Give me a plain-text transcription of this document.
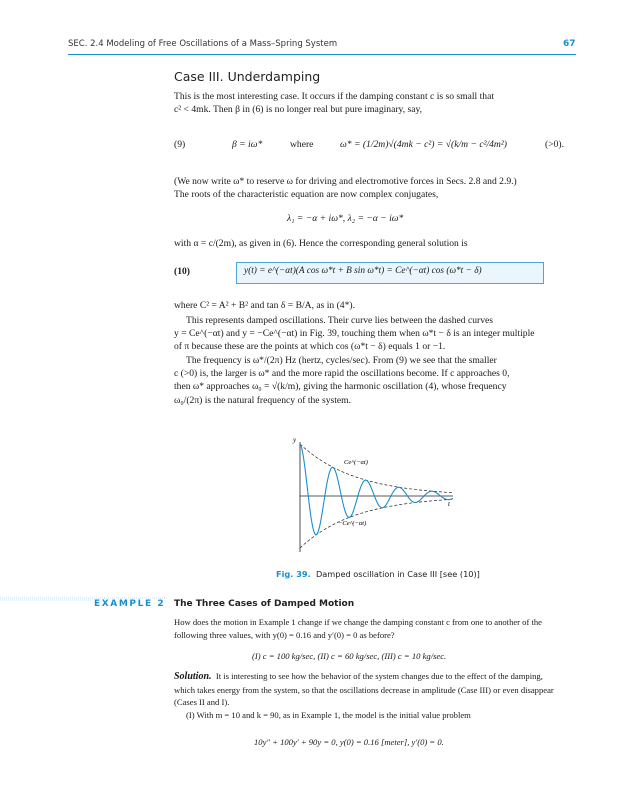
SEC. 2.4 Modeling of Free Oscillations of a Mass–Spring System	67
Case III. Underdamping
This is the most interesting case. It occurs if the damping constant c is so small that
c² < 4mk. Then β in (6) is no longer real but pure imaginary, say,
(9)	β = iω*	where	ω* = (1/2m)√(4mk − c²) = √(k/m − c²/4m²)	(>0).
(We now write ω* to reserve ω for driving and electromotive forces in Secs. 2.8 and 2.9.)
The roots of the characteristic equation are now complex conjugates,
λ₁ = −α + iω*, λ₂ = −α − iω*
with α = c/(2m), as given in (6). Hence the corresponding general solution is
(10)	y(t) = e^(−αt)(A cos ω*t + B sin ω*t) = Ce^(−αt) cos (ω*t − δ)
where C² = A² + B² and tan δ = B/A, as in (4*).
This represents damped oscillations. Their curve lies between the dashed curves
y = Ce^(−αt) and y = −Ce^(−αt) in Fig. 39, touching them when ω*t − δ is an integer multiple
of π because these are the points at which cos (ω*t − δ) equals 1 or −1.
The frequency is ω*/(2π) Hz (hertz, cycles/sec). From (9) we see that the smaller
c (>0) is, the larger is ω* and the more rapid the oscillations become. If c approaches 0,
then ω* approaches ω₀ = √(k/m), giving the harmonic oscillation (4), whose frequency
ω₀/(2π) is the natural frequency of the system.
y
t
Ce^(−αt)
−Ce^(−αt)
Fig. 39. Damped oscillation in Case III [see (10)]
EXAMPLE 2 The Three Cases of Damped Motion
How does the motion in Example 1 change if we change the damping constant c from one to another of the
following three values, with y(0) = 0.16 and y′(0) = 0 as before?
(I) c = 100 kg/sec, (II) c = 60 kg/sec, (III) c = 10 kg/sec.
Solution. It is interesting to see how the behavior of the system changes due to the effect of the damping,
which takes energy from the system, so that the oscillations decrease in amplitude (Case III) or even disappear
(Cases II and I).
(I) With m = 10 and k = 90, as in Example 1, the model is the initial value problem
10y″ + 100y′ + 90y = 0, y(0) = 0.16 [meter], y′(0) = 0.
